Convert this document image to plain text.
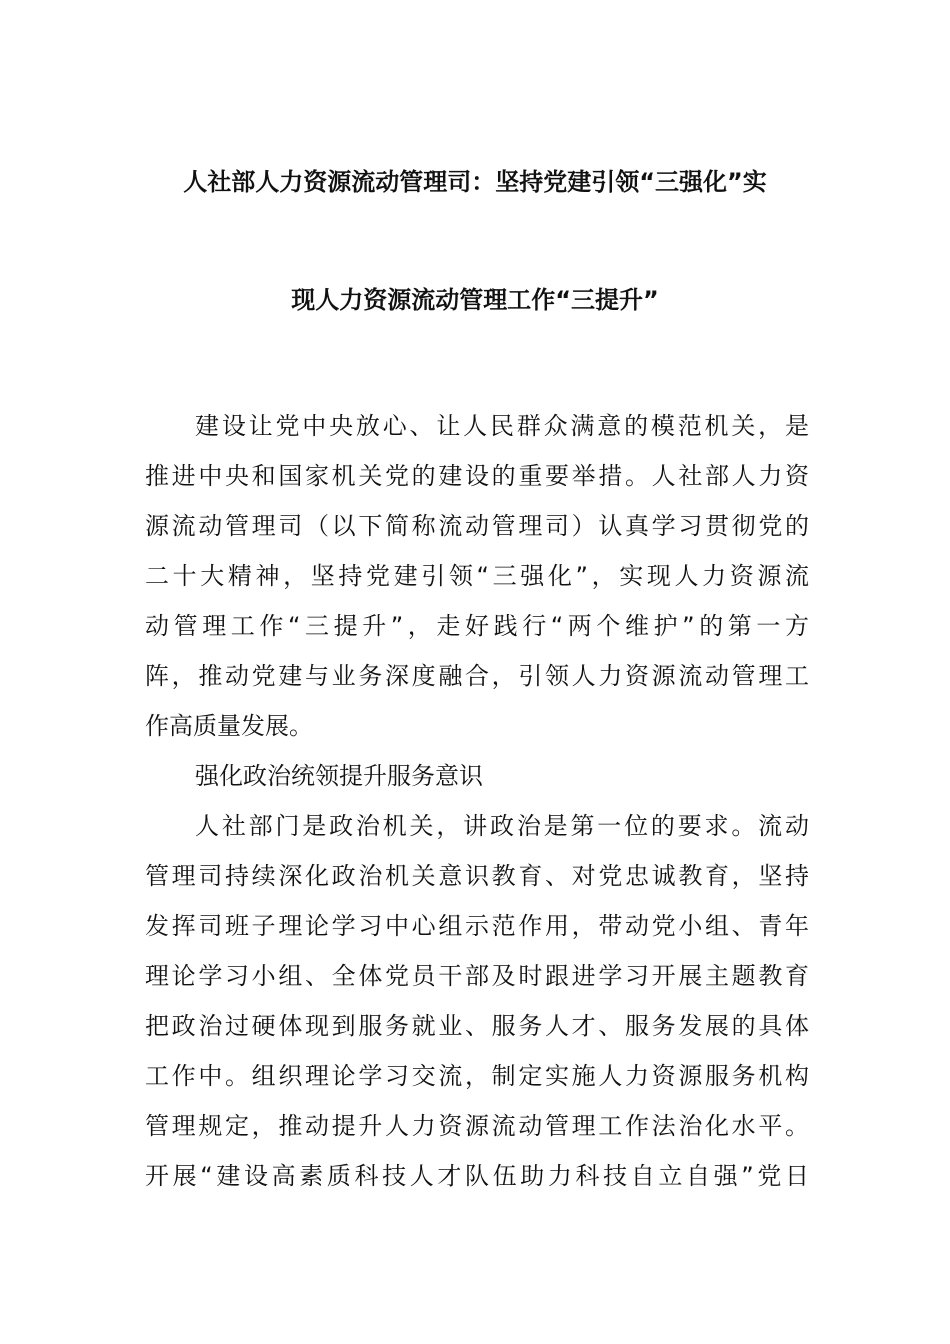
人社部人力资源流动管理司：坚持党建引领“三强化”实
现人力资源流动管理工作“三提升”
建设让党中央放心、让人民群众满意的模范机关，是
推进中央和国家机关党的建设的重要举措。人社部人力资
源流动管理司（以下简称流动管理司）认真学习贯彻党的
二十大精神，坚持党建引领“三强化”，实现人力资源流
动管理工作“三提升”，走好践行“两个维护”的第一方
阵，推动党建与业务深度融合，引领人力资源流动管理工
作高质量发展。
强化政治统领提升服务意识
人社部门是政治机关，讲政治是第一位的要求。流动
管理司持续深化政治机关意识教育、对党忠诚教育，坚持
发挥司班子理论学习中心组示范作用，带动党小组、青年
理论学习小组、全体党员干部及时跟进学习开展主题教育
把政治过硬体现到服务就业、服务人才、服务发展的具体
工作中。组织理论学习交流，制定实施人力资源服务机构
管理规定，推动提升人力资源流动管理工作法治化水平。
开展“建设高素质科技人才队伍助力科技自立自强”党日
